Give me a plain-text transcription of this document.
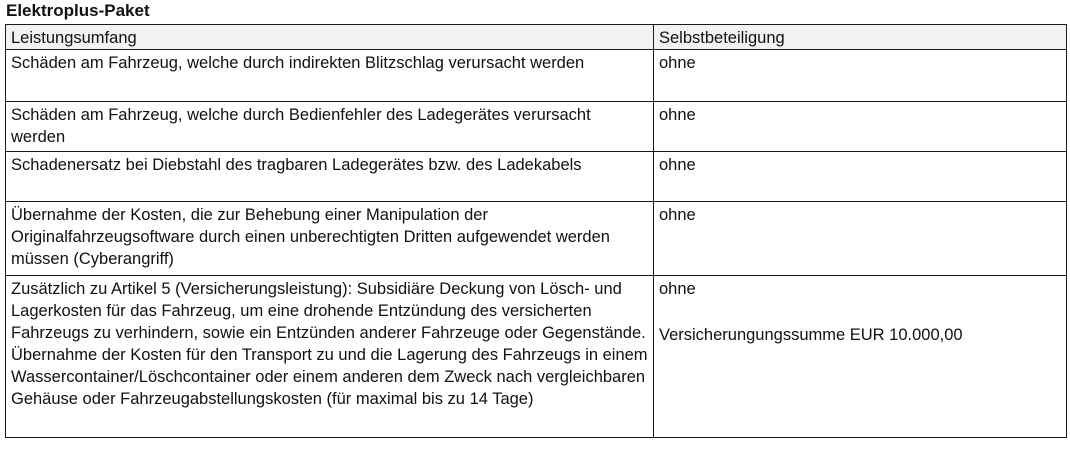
Elektroplus-Paket
Leistungsumfang	Selbstbeteiligung
Schäden am Fahrzeug, welche durch indirekten Blitzschlag verursacht werden	ohne

Schäden am Fahrzeug, welche durch Bedienfehler des Ladegerätes verursacht werden	ohne

Schadenersatz bei Diebstahl des tragbaren Ladegerätes bzw. des Ladekabels	ohne

Übernahme der Kosten, die zur Behebung einer Manipulation der Originalfahrzeugsoftware durch einen unberechtigten Dritten aufgewendet werden müssen (Cyberangriff)	ohne

Zusätzlich zu Artikel 5 (Versicherungsleistung): Subsidiäre Deckung von Lösch- und Lagerkosten für das Fahrzeug, um eine drohende Entzündung des versicherten Fahrzeugs zu verhindern, sowie ein Entzünden anderer Fahrzeuge oder Gegenstände. Übernahme der Kosten für den Transport zu und die Lagerung des Fahrzeugs in einem Wassercontainer/Löschcontainer oder einem anderen dem Zweck nach vergleichbaren Gehäuse oder Fahrzeugabstellungskosten (für maximal bis zu 14 Tage)	ohne
Versicherungungssumme EUR 10.000,00
